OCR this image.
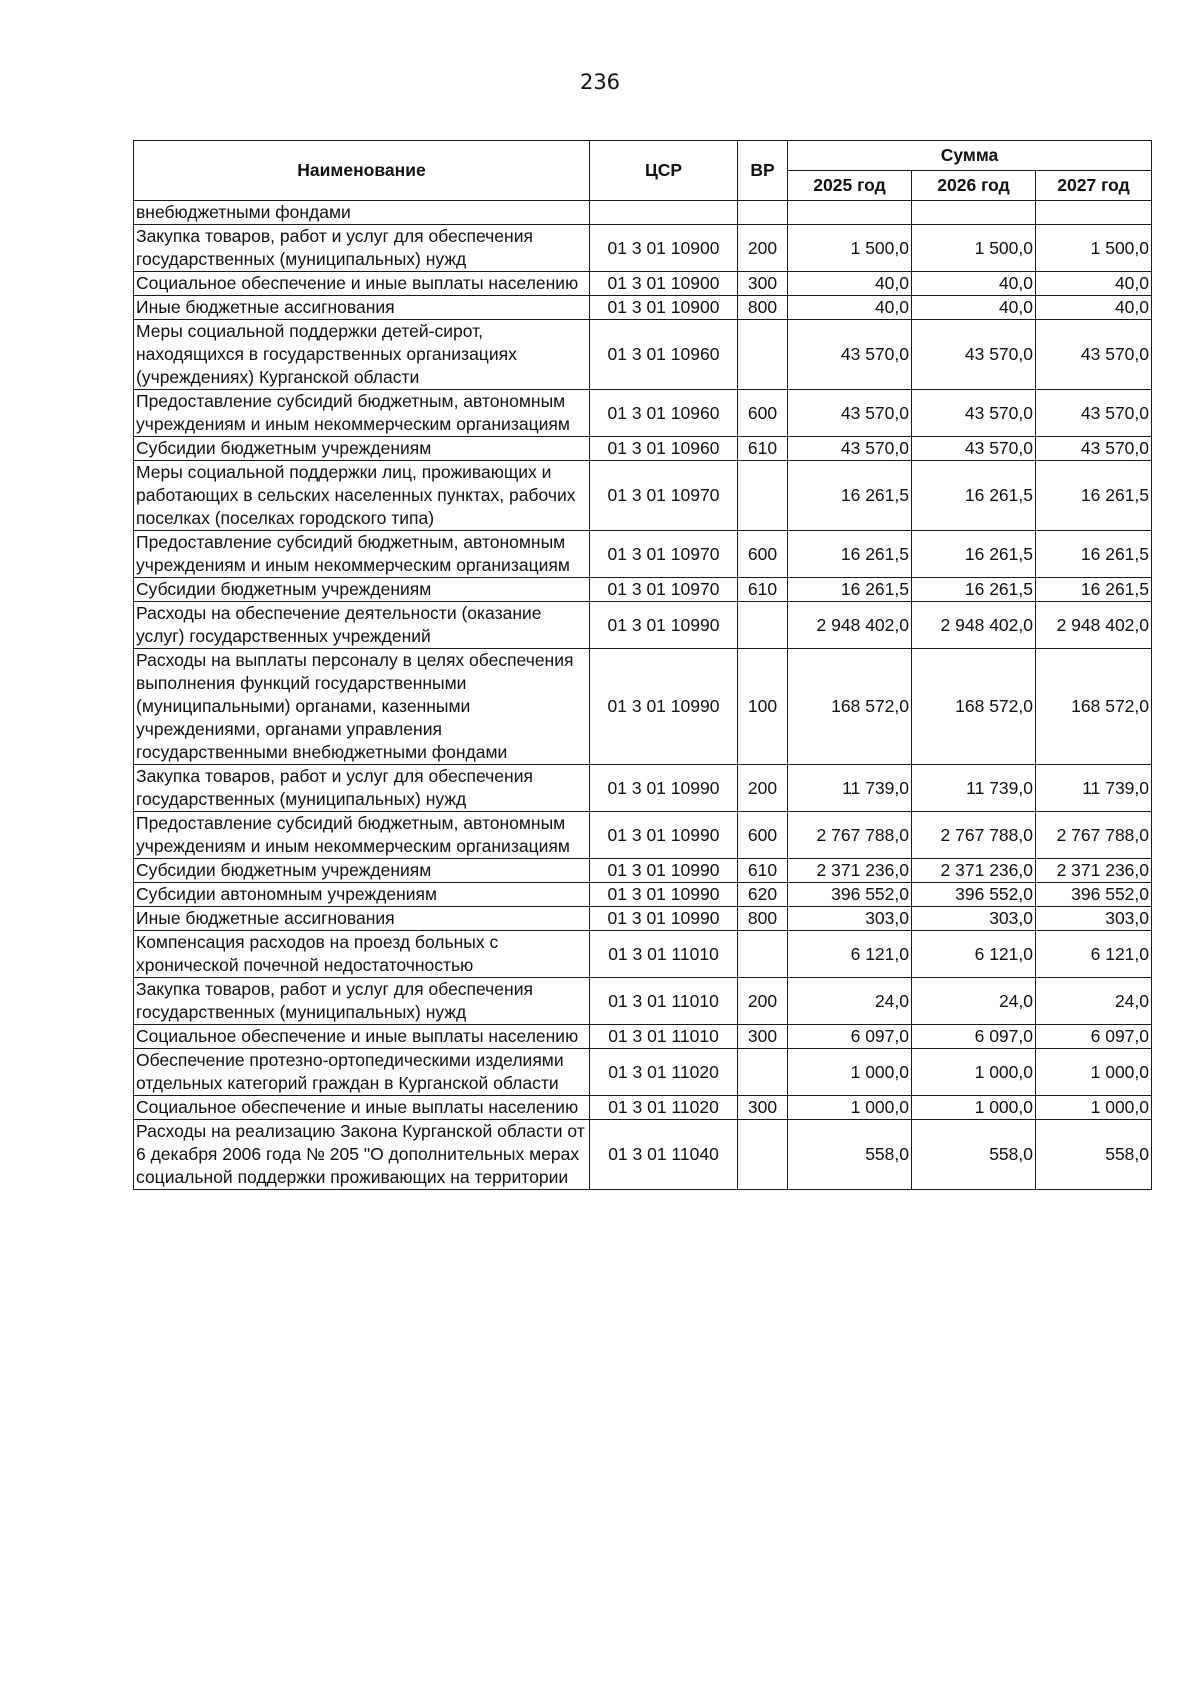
236
Наименование	ЦСР	ВР	Сумма		
			2025 год	2026 год	2027 год
внебюджетными фондами					
Закупка товаров, работ и услуг для обеспечения государственных (муниципальных) нужд	01 3 01 10900	200	1 500,0	1 500,0	1 500,0
Социальное обеспечение и иные выплаты населению	01 3 01 10900	300	40,0	40,0	40,0
Иные бюджетные ассигнования	01 3 01 10900	800	40,0	40,0	40,0
Меры социальной поддержки детей-сирот, находящихся в государственных организациях (учреждениях) Курганской области	01 3 01 10960		43 570,0	43 570,0	43 570,0
Предоставление субсидий бюджетным, автономным учреждениям и иным некоммерческим организациям	01 3 01 10960	600	43 570,0	43 570,0	43 570,0
Субсидии бюджетным учреждениям	01 3 01 10960	610	43 570,0	43 570,0	43 570,0
Меры социальной поддержки лиц, проживающих и работающих в сельских населенных пунктах, рабочих поселках (поселках городского типа)	01 3 01 10970		16 261,5	16 261,5	16 261,5
Предоставление субсидий бюджетным, автономным учреждениям и иным некоммерческим организациям	01 3 01 10970	600	16 261,5	16 261,5	16 261,5
Субсидии бюджетным учреждениям	01 3 01 10970	610	16 261,5	16 261,5	16 261,5
Расходы на обеспечение деятельности (оказание услуг) государственных учреждений	01 3 01 10990		2 948 402,0	2 948 402,0	2 948 402,0
Расходы на выплаты персоналу в целях обеспечения выполнения функций государственными (муниципальными) органами, казенными учреждениями, органами управления государственными внебюджетными фондами	01 3 01 10990	100	168 572,0	168 572,0	168 572,0
Закупка товаров, работ и услуг для обеспечения государственных (муниципальных) нужд	01 3 01 10990	200	11 739,0	11 739,0	11 739,0
Предоставление субсидий бюджетным, автономным учреждениям и иным некоммерческим организациям	01 3 01 10990	600	2 767 788,0	2 767 788,0	2 767 788,0
Субсидии бюджетным учреждениям	01 3 01 10990	610	2 371 236,0	2 371 236,0	2 371 236,0
Субсидии автономным учреждениям	01 3 01 10990	620	396 552,0	396 552,0	396 552,0
Иные бюджетные ассигнования	01 3 01 10990	800	303,0	303,0	303,0
Компенсация расходов на проезд больных с хронической почечной недостаточностью	01 3 01 11010		6 121,0	6 121,0	6 121,0
Закупка товаров, работ и услуг для обеспечения государственных (муниципальных) нужд	01 3 01 11010	200	24,0	24,0	24,0
Социальное обеспечение и иные выплаты населению	01 3 01 11010	300	6 097,0	6 097,0	6 097,0
Обеспечение протезно-ортопедическими изделиями отдельных категорий граждан в Курганской области	01 3 01 11020		1 000,0	1 000,0	1 000,0
Социальное обеспечение и иные выплаты населению	01 3 01 11020	300	1 000,0	1 000,0	1 000,0
Расходы на реализацию Закона Курганской области от 6 декабря 2006 года № 205 "О дополнительных мерах социальной поддержки проживающих на территории	01 3 01 11040		558,0	558,0	558,0
